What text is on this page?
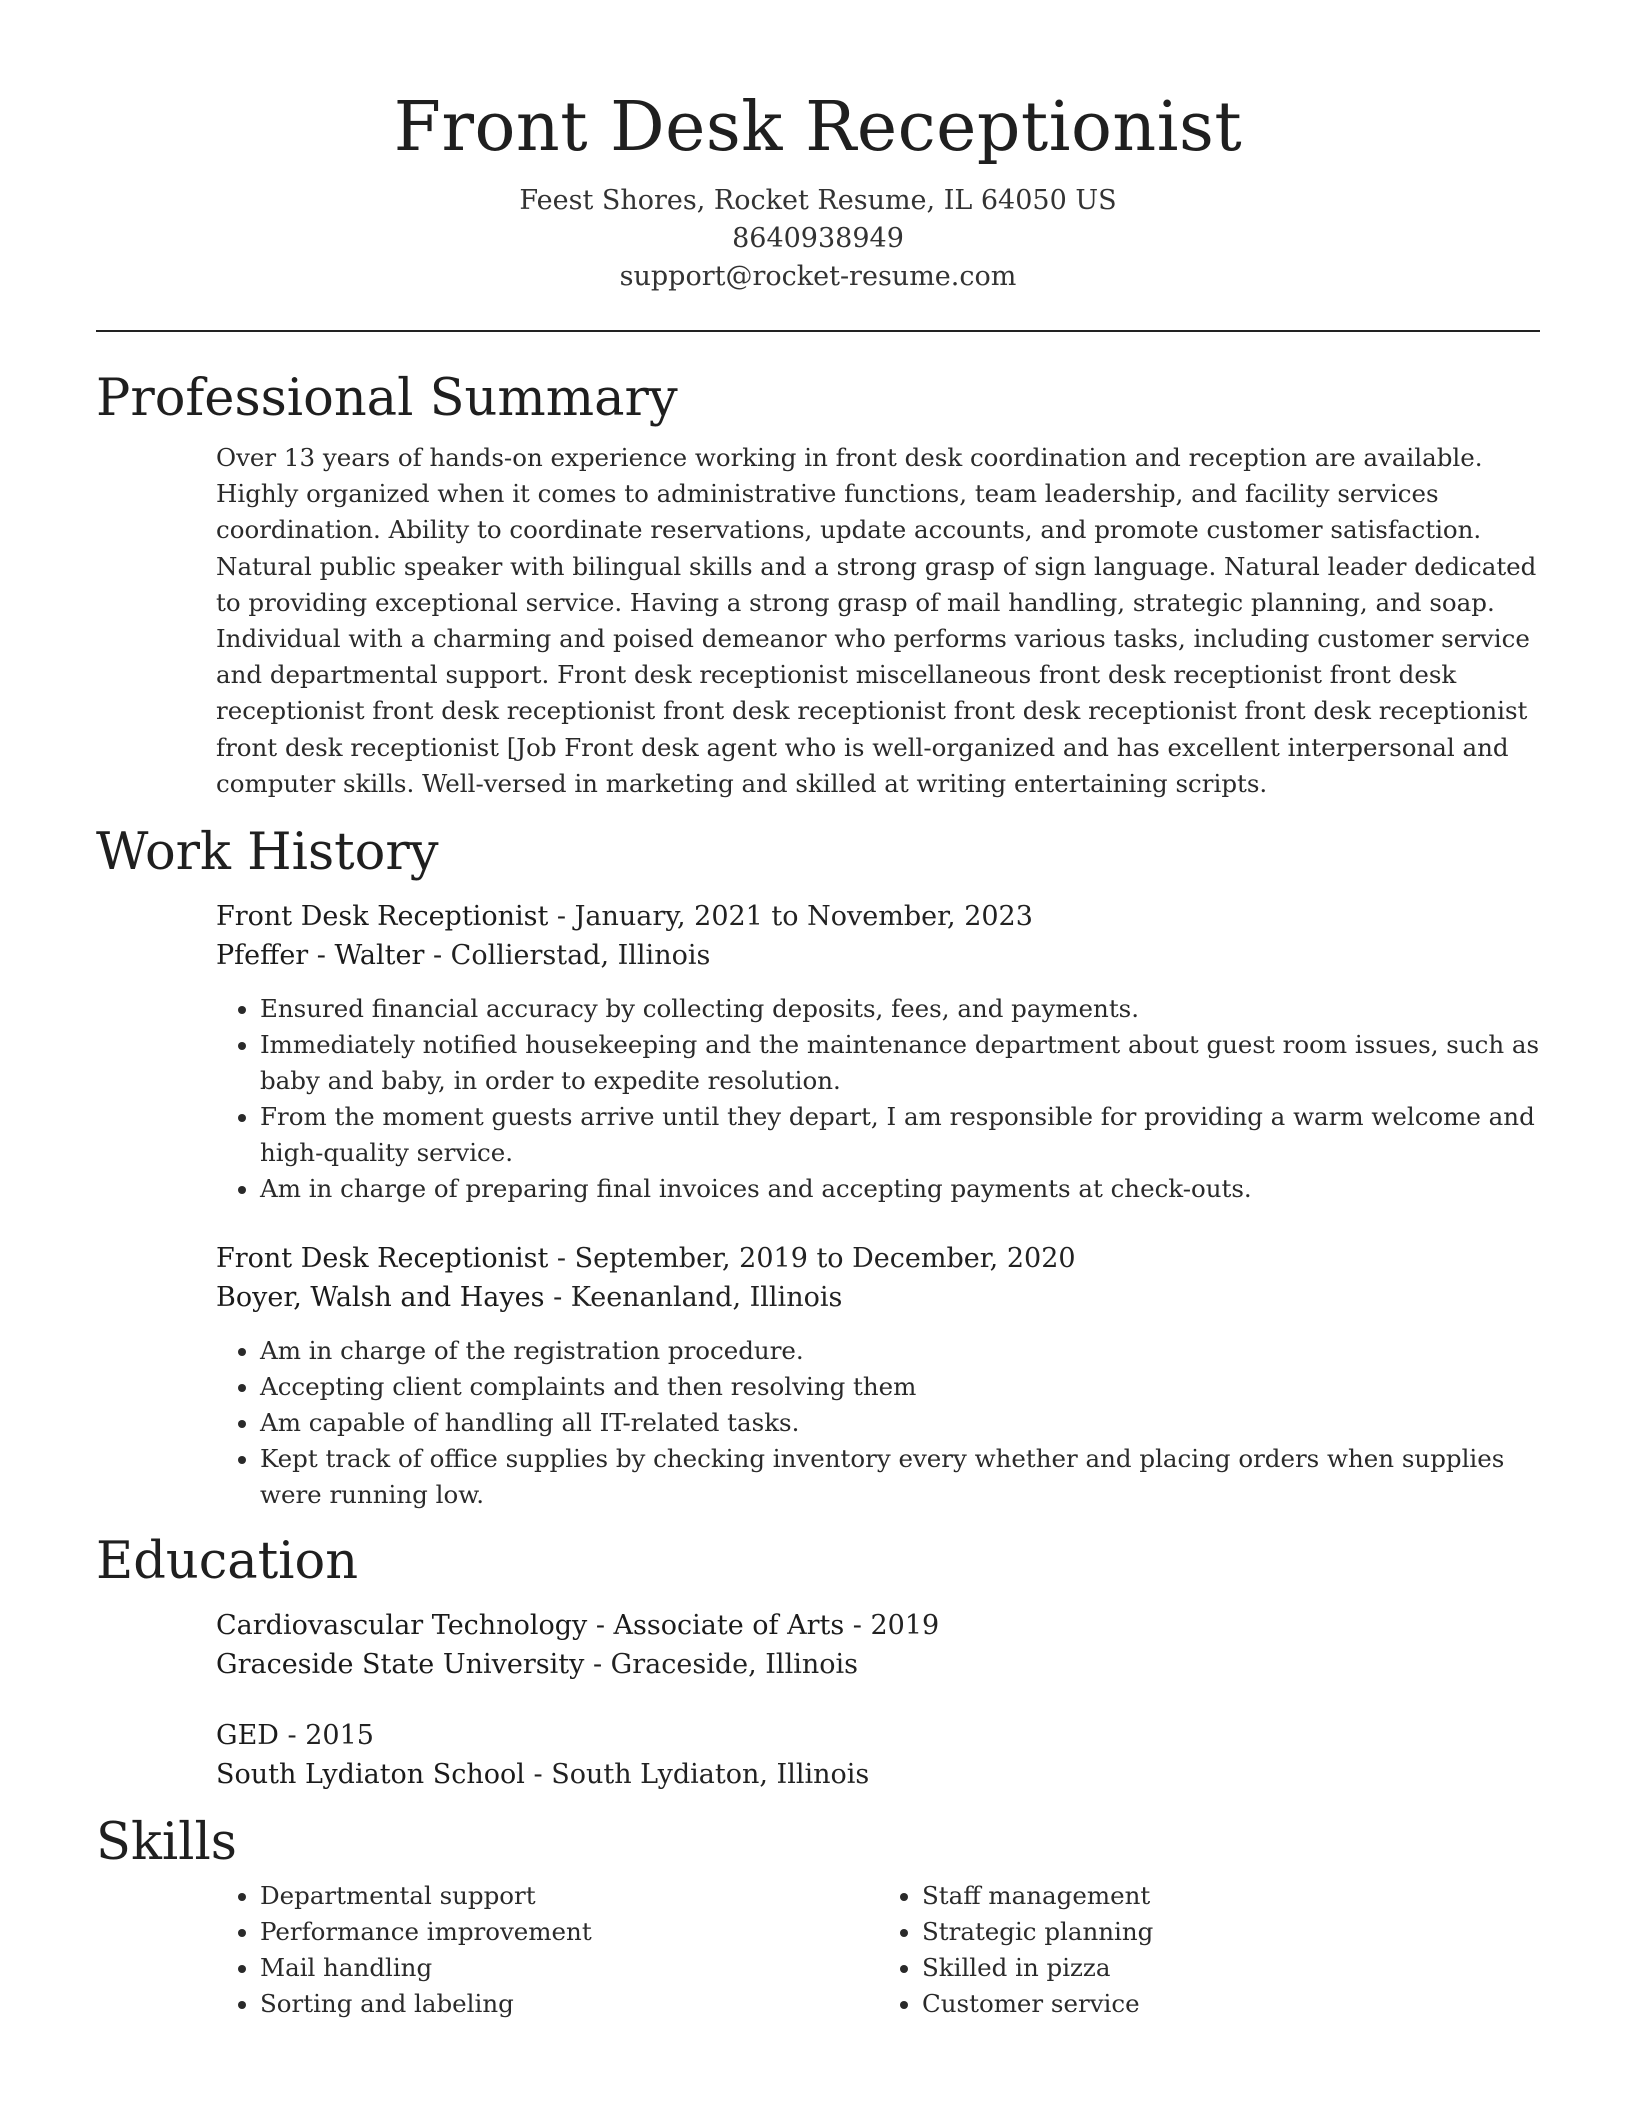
Front Desk Receptionist
Feest Shores, Rocket Resume, IL 64050 US
8640938949
support@rocket-resume.com
Professional Summary

Over 13 years of hands-on experience working in front desk coordination and reception are available. Highly organized when it comes to administrative functions, team leadership, and facility services coordination. Ability to coordinate reservations, update accounts, and promote customer satisfaction. Natural public speaker with bilingual skills and a strong grasp of sign language. Natural leader dedicated to providing exceptional service. Having a strong grasp of mail handling, strategic planning, and soap. Individual with a charming and poised demeanor who performs various tasks, including customer service and departmental support. Front desk receptionist miscellaneous front desk receptionist front desk receptionist front desk receptionist front desk receptionist front desk receptionist front desk receptionist front desk receptionist [Job Front desk agent who is well-organized and has excellent interpersonal and computer skills. Well-versed in marketing and skilled at writing entertaining scripts.

Work History
Front Desk Receptionist - January, 2021 to November, 2023
Pfeffer - Walter - Collierstad, Illinois
• Ensured financial accuracy by collecting deposits, fees, and payments.
• Immediately notified housekeeping and the maintenance department about guest room issues, such as baby and baby, in order to expedite resolution.
• From the moment guests arrive until they depart, I am responsible for providing a warm welcome and high-quality service.
• Am in charge of preparing final invoices and accepting payments at check-outs.
Front Desk Receptionist - September, 2019 to December, 2020
Boyer, Walsh and Hayes - Keenanland, Illinois
• Am in charge of the registration procedure.
• Accepting client complaints and then resolving them
• Am capable of handling all IT-related tasks.
• Kept track of office supplies by checking inventory every whether and placing orders when supplies were running low.
Education
Cardiovascular Technology - Associate of Arts - 2019
Graceside State University - Graceside, Illinois
GED - 2015
South Lydiaton School - South Lydiaton, Illinois
Skills
• Departmental support
• Performance improvement
• Mail handling
• Sorting and labeling
• Staff management
• Strategic planning
• Skilled in pizza
• Customer service
